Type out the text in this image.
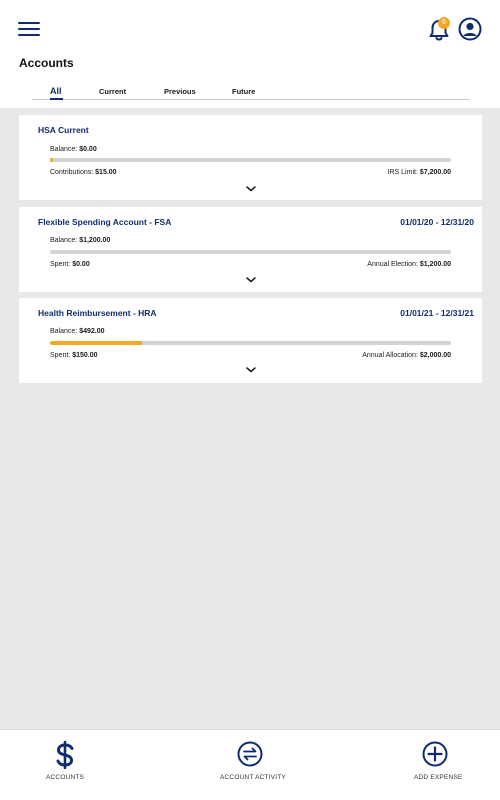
6
Accounts
All	Current	Previous	Future
HSA Current
Balance: $0.00
Contributions: $15.00	IRS Limit: $7,200.00
Flexible Spending Account - FSA	01/01/20 - 12/31/20
Balance: $1,200.00
Spent: $0.00	Annual Election: $1,200.00
Health Reimbursement - HRA	01/01/21 - 12/31/21
Balance: $492.00
Spent: $150.00	Annual Allocation: $2,000.00
ACCOUNTS	ACCOUNT ACTIVITY	ADD EXPENSE
